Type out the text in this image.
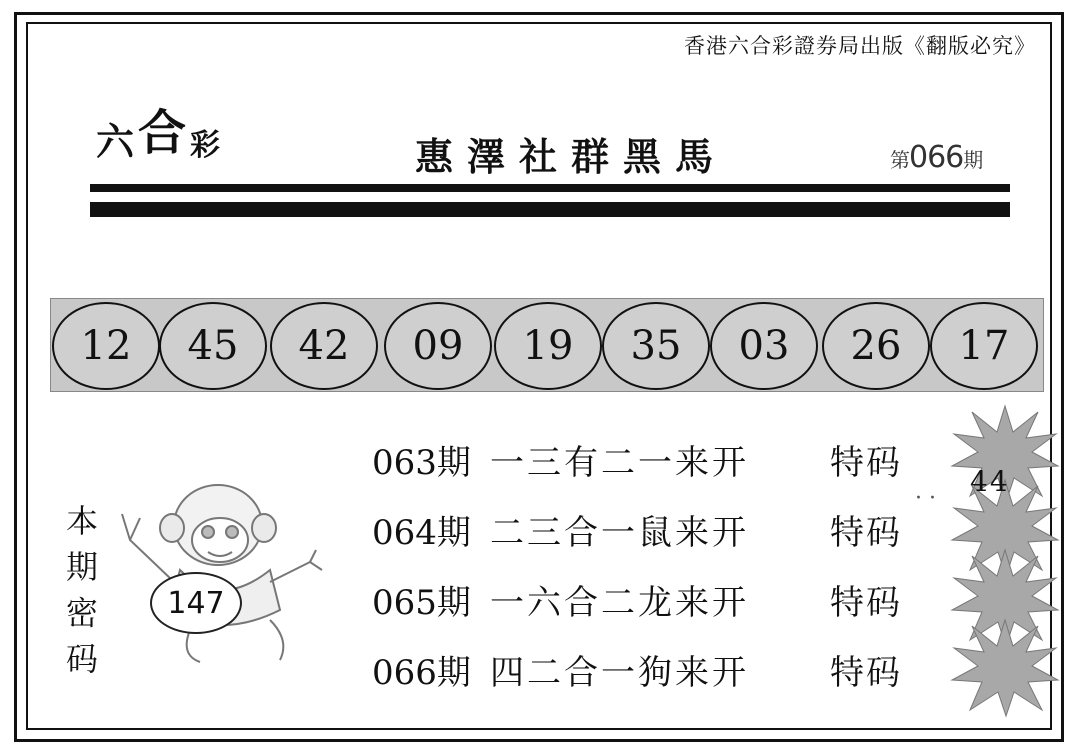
香港六合彩證券局出版《翻版必究》
六合彩	惠澤社群黑馬	第066期
12	45	42	09	19	35	03	26	17
本
期
密
码
147
063期 一三有二一来开 特码
064期 二三合一鼠来开 特码
065期 一六合二龙来开 特码
066期 四二合一狗来开 特码
44
· ·
